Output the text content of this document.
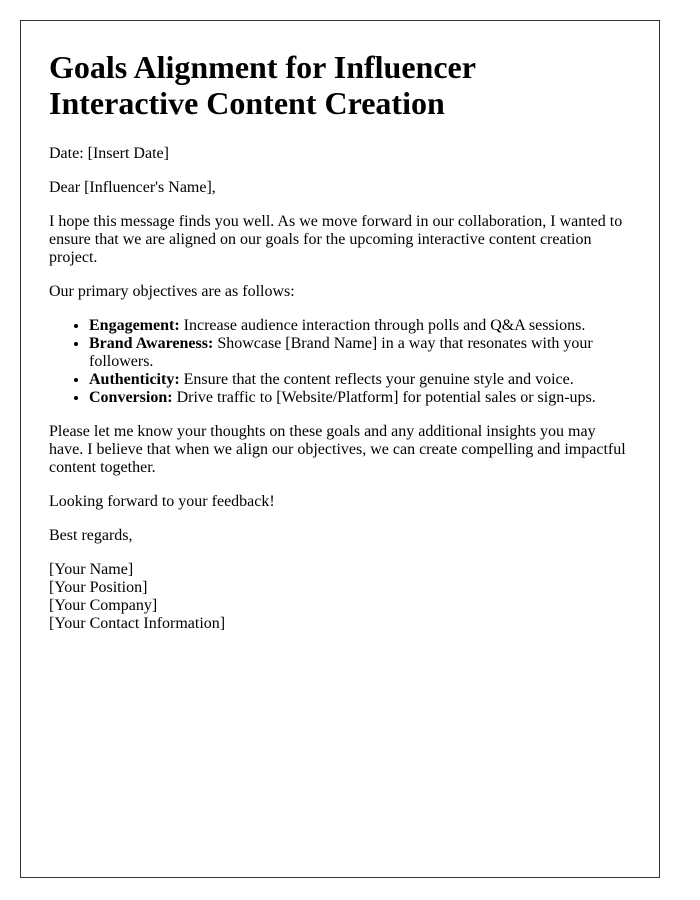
Goals Alignment for Influencer Interactive Content Creation

Date: [Insert Date]

Dear [Influencer's Name],

I hope this message finds you well. As we move forward in our collaboration, I wanted to ensure that we are aligned on our goals for the upcoming interactive content creation project.

Our primary objectives are as follows:

• Engagement: Increase audience interaction through polls and Q&A sessions.
• Brand Awareness: Showcase [Brand Name] in a way that resonates with your followers.
• Authenticity: Ensure that the content reflects your genuine style and voice.
• Conversion: Drive traffic to [Website/Platform] for potential sales or sign-ups.

Please let me know your thoughts on these goals and any additional insights you may have. I believe that when we align our objectives, we can create compelling and impactful content together.

Looking forward to your feedback!

Best regards,

[Your Name]
[Your Position]
[Your Company]
[Your Contact Information]
